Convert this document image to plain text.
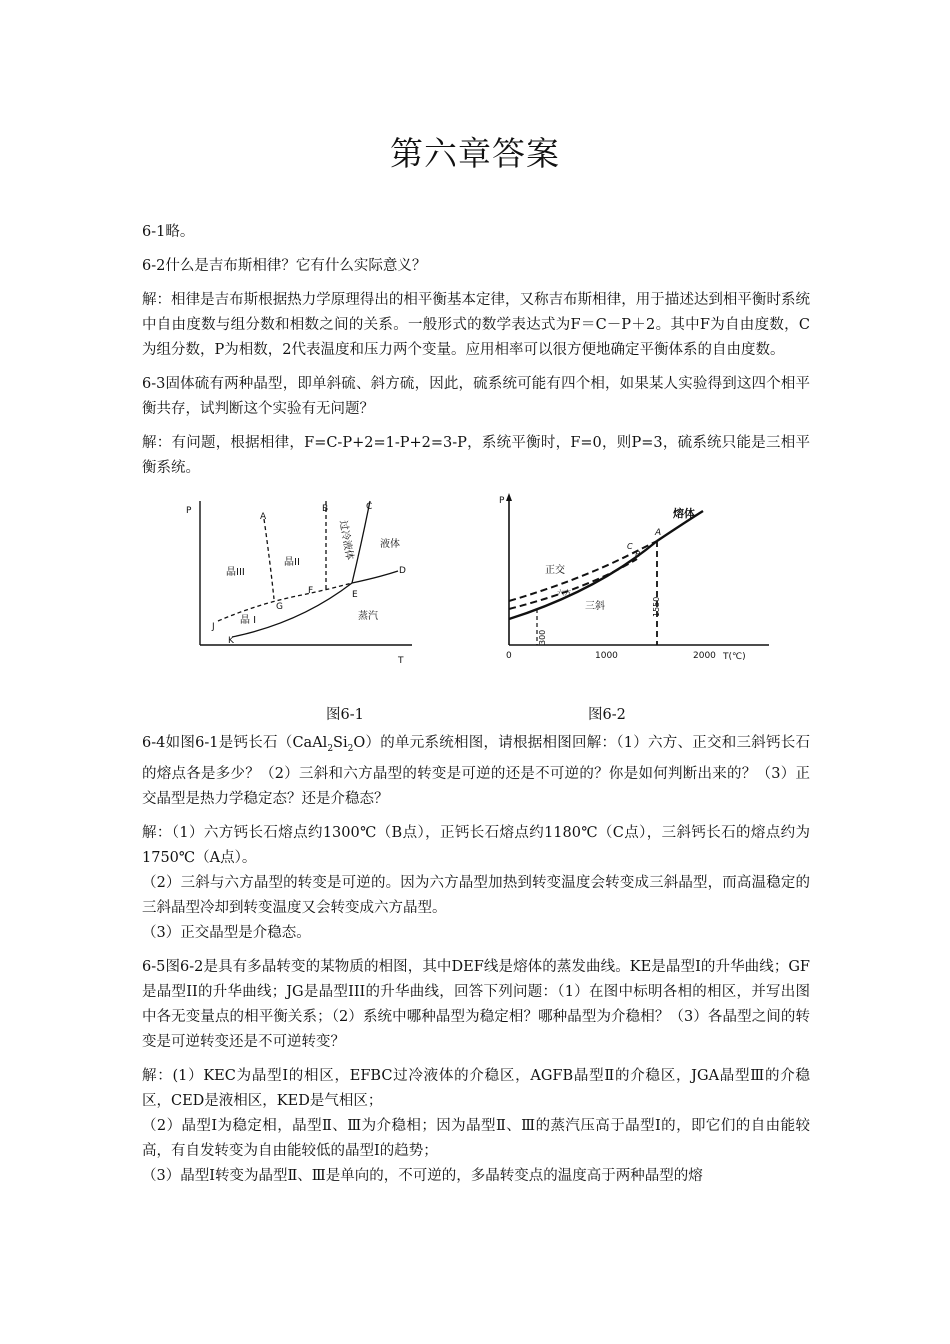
第六章答案

6-1略。

6-2什么是吉布斯相律？它有什么实际意义？

解：相律是吉布斯根据热力学原理得出的相平衡基本定律，又称吉布斯相律，用于描述达到相平衡时系统中自由度数与组分数和相数之间的关系。一般形式的数学表达式为F＝C－P＋2。其中F为自由度数，C为组分数，P为相数，2代表温度和压力两个变量。应用相率可以很方便地确定平衡体系的自由度数。

6-3固体硫有两种晶型，即单斜硫、斜方硫，因此，硫系统可能有四个相，如果某人实验得到这四个相平衡共存，试判断这个实验有无问题？

解：有问题，根据相律，F=C-P+2=1-P+2=3-P，系统平衡时，F=0，则P=3，硫系统只能是三相平衡系统。

P
T
A
B	C
D
E
F
G
J
K
晶III
晶II
晶 I
过冷液体	液体
蒸汽
P
熔体
正交
六方
三斜
A
B
C
300
1550
0	1000	2000 T(℃)
图6-1	图6-2

6-4如图6-1是钙长石$(CaAl_2Si_2O)$的单元系统相图，请根据相图回解：（1）六方、正交和三斜钙长石的熔点各是多少？（2）三斜和六方晶型的转变是可逆的还是不可逆的？你是如何判断出来的？（3）正交晶型是热力学稳定态？还是介稳态？

解：（1）六方钙长石熔点约1300℃（B点），正钙长石熔点约1180℃（C点），三斜钙长石的熔点约为1750℃（A点）。

（2）三斜与六方晶型的转变是可逆的。因为六方晶型加热到转变温度会转变成三斜晶型，而高温稳定的三斜晶型冷却到转变温度又会转变成六方晶型。

（3）正交晶型是介稳态。

6-5图6-2是具有多晶转变的某物质的相图，其中DEF线是熔体的蒸发曲线。KE是晶型I的升华曲线；GF是晶型II的升华曲线；JG是晶型III的升华曲线，回答下列问题：（1）在图中标明各相的相区，并写出图中各无变量点的相平衡关系；（2）系统中哪种晶型为稳定相？哪种晶型为介稳相？（3）各晶型之间的转变是可逆转变还是不可逆转变？

解：(1）KEC为晶型Ⅰ的相区，EFBC过冷液体的介稳区，AGFB晶型Ⅱ的介稳区，JGA晶型Ⅲ的介稳区，CED是液相区，KED是气相区；

（2）晶型Ⅰ为稳定相，晶型Ⅱ、Ⅲ为介稳相；因为晶型Ⅱ、Ⅲ的蒸汽压高于晶型Ⅰ的，即它们的自由能较高，有自发转变为自由能较低的晶型Ⅰ的趋势；

（3）晶型Ⅰ转变为晶型Ⅱ、Ⅲ是单向的，不可逆的，多晶转变点的温度高于两种晶型的熔
